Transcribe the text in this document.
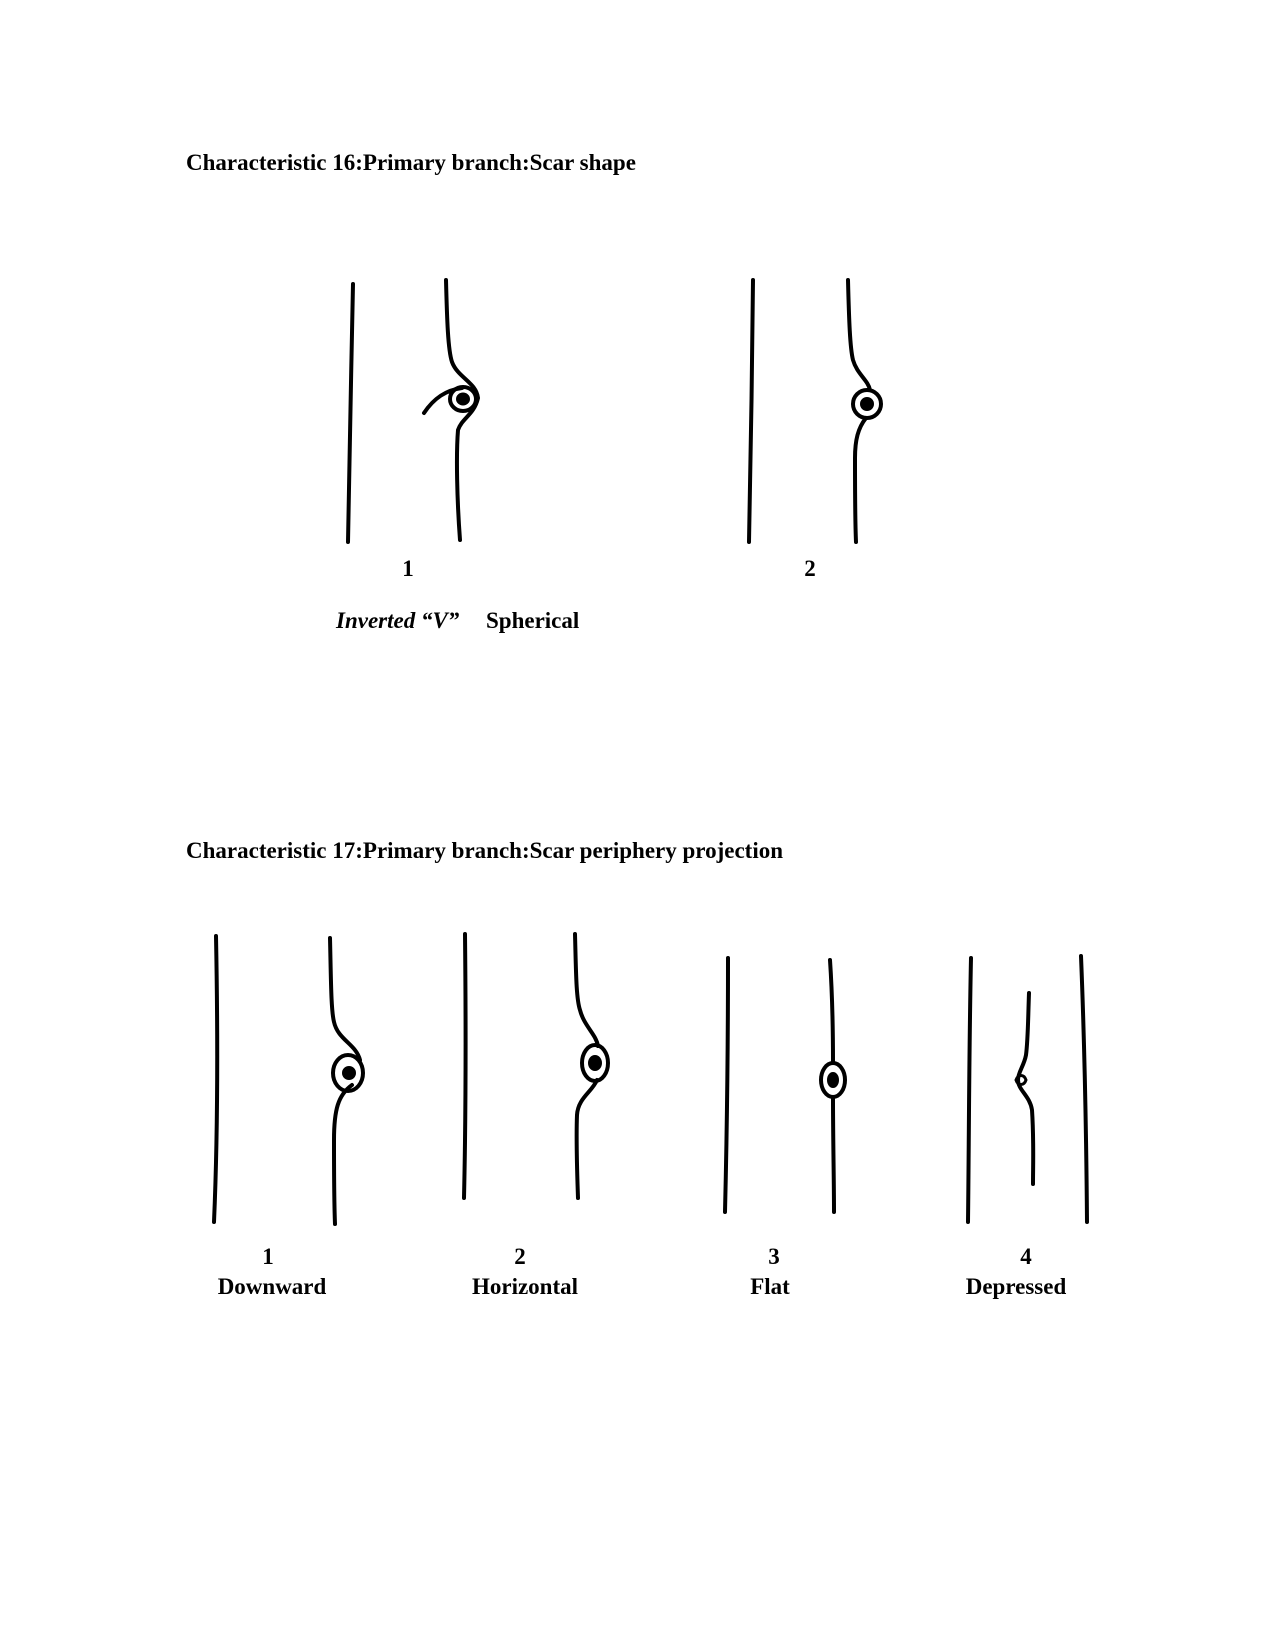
Characteristic 16:Primary branch:Scar shape
1	2
Inverted “V” Spherical
Characteristic 17:Primary branch:Scar periphery projection
1	2	3	4
Downward	Horizontal	Flat	Depressed
